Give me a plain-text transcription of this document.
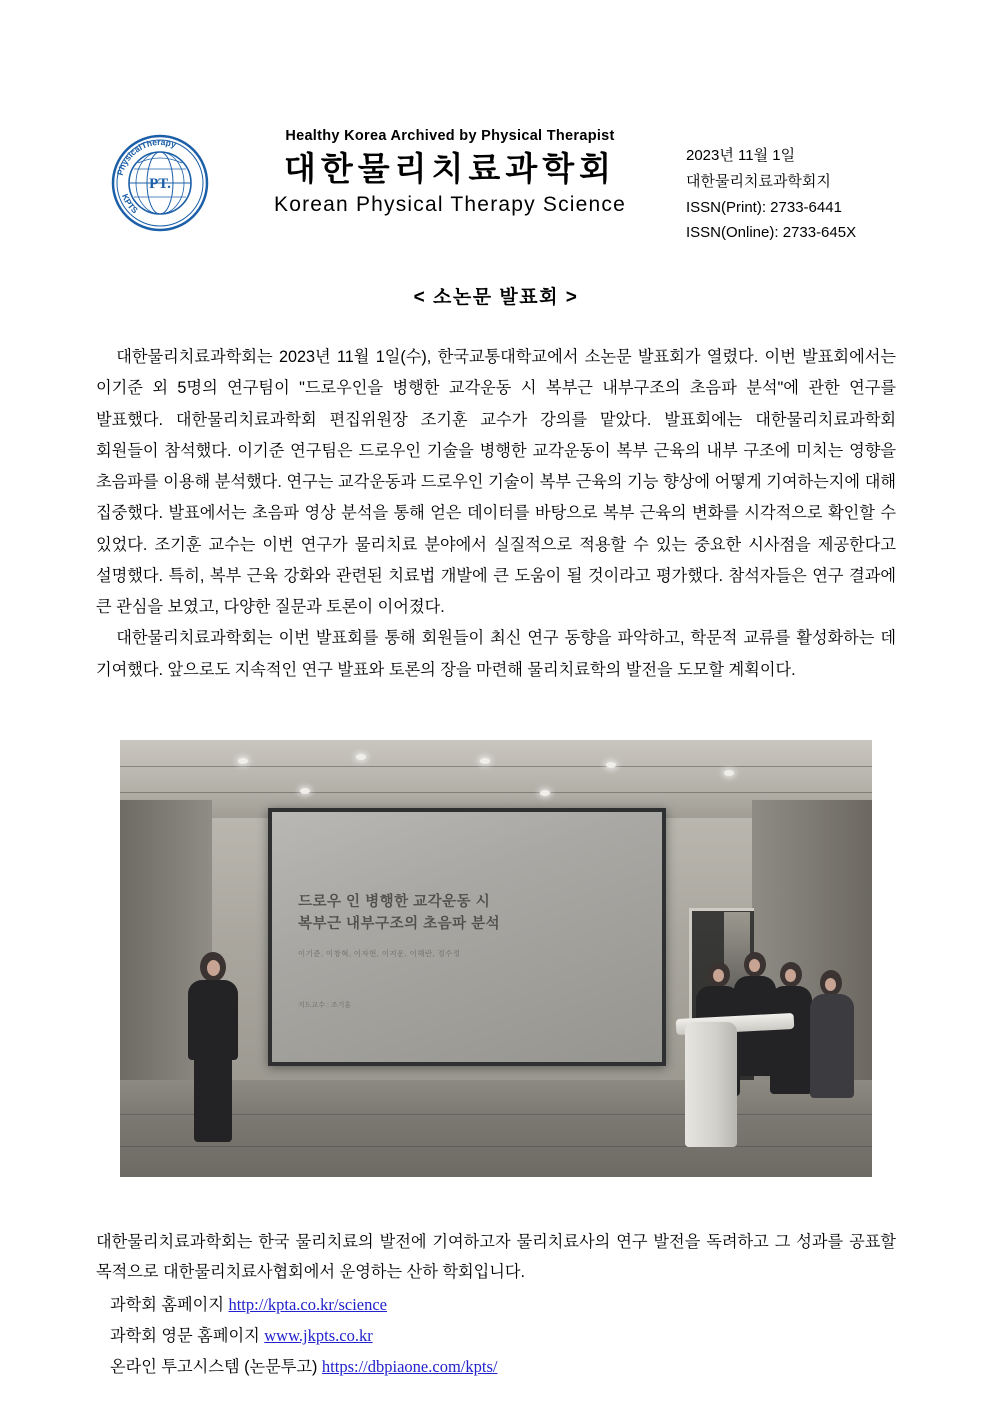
PT.
PhysicalTherapy
KPTS
Healthy Korea Archived by Physical Therapist
대한물리치료과학회
Korean Physical Therapy Science
2023년 11월 1일
대한물리치료과학회지
ISSN(Print): 2733-6441
ISSN(Online): 2733-645X
< 소논문 발표회 >

대한물리치료과학회는 2023년 11월 1일(수), 한국교통대학교에서 소논문 발표회가 열렸다. 이번 발표회에서는 이기준 외 5명의 연구팀이 "드로우인을 병행한 교각운동 시 복부근 내부구조의 초음파 분석"에 관한 연구를 발표했다. 대한물리치료과학회 편집위원장 조기훈 교수가 강의를 맡았다. 발표회에는 대한물리치료과학회 회원들이 참석했다. 이기준 연구팀은 드로우인 기술을 병행한 교각운동이 복부 근육의 내부 구조에 미치는 영향을 초음파를 이용해 분석했다. 연구는 교각운동과 드로우인 기술이 복부 근육의 기능 향상에 어떻게 기여하는지에 대해 집중했다. 발표에서는 초음파 영상 분석을 통해 얻은 데이터를 바탕으로 복부 근육의 변화를 시각적으로 확인할 수 있었다. 조기훈 교수는 이번 연구가 물리치료 분야에서 실질적으로 적용할 수 있는 중요한 시사점을 제공한다고 설명했다. 특히, 복부 근육 강화와 관련된 치료법 개발에 큰 도움이 될 것이라고 평가했다. 참석자들은 연구 결과에 큰 관심을 보였고, 다양한 질문과 토론이 이어졌다.

대한물리치료과학회는 이번 발표회를 통해 회원들이 최신 연구 동향을 파악하고, 학문적 교류를 활성화하는 데 기여했다. 앞으로도 지속적인 연구 발표와 토론의 장을 마련해 물리치료학의 발전을 도모할 계획이다.

드로우 인 병행한 교각운동 시
복부근 내부구조의 초음파 분석
이기준, 이창혁, 이자현, 이지운, 이해란, 정수정
지도교수 : 조기훈

대한물리치료과학회는 한국 물리치료의 발전에 기여하고자 물리치료사의 연구 발전을 독려하고 그 성과를 공표할 목적으로 대한물리치료사협회에서 운영하는 산하 학회입니다.

과학회 홈페이지 http://kpta.co.kr/science

과학회 영문 홈페이지 www.jkpts.co.kr

온라인 투고시스템 (논문투고) https://dbpiaone.com/kpts/
